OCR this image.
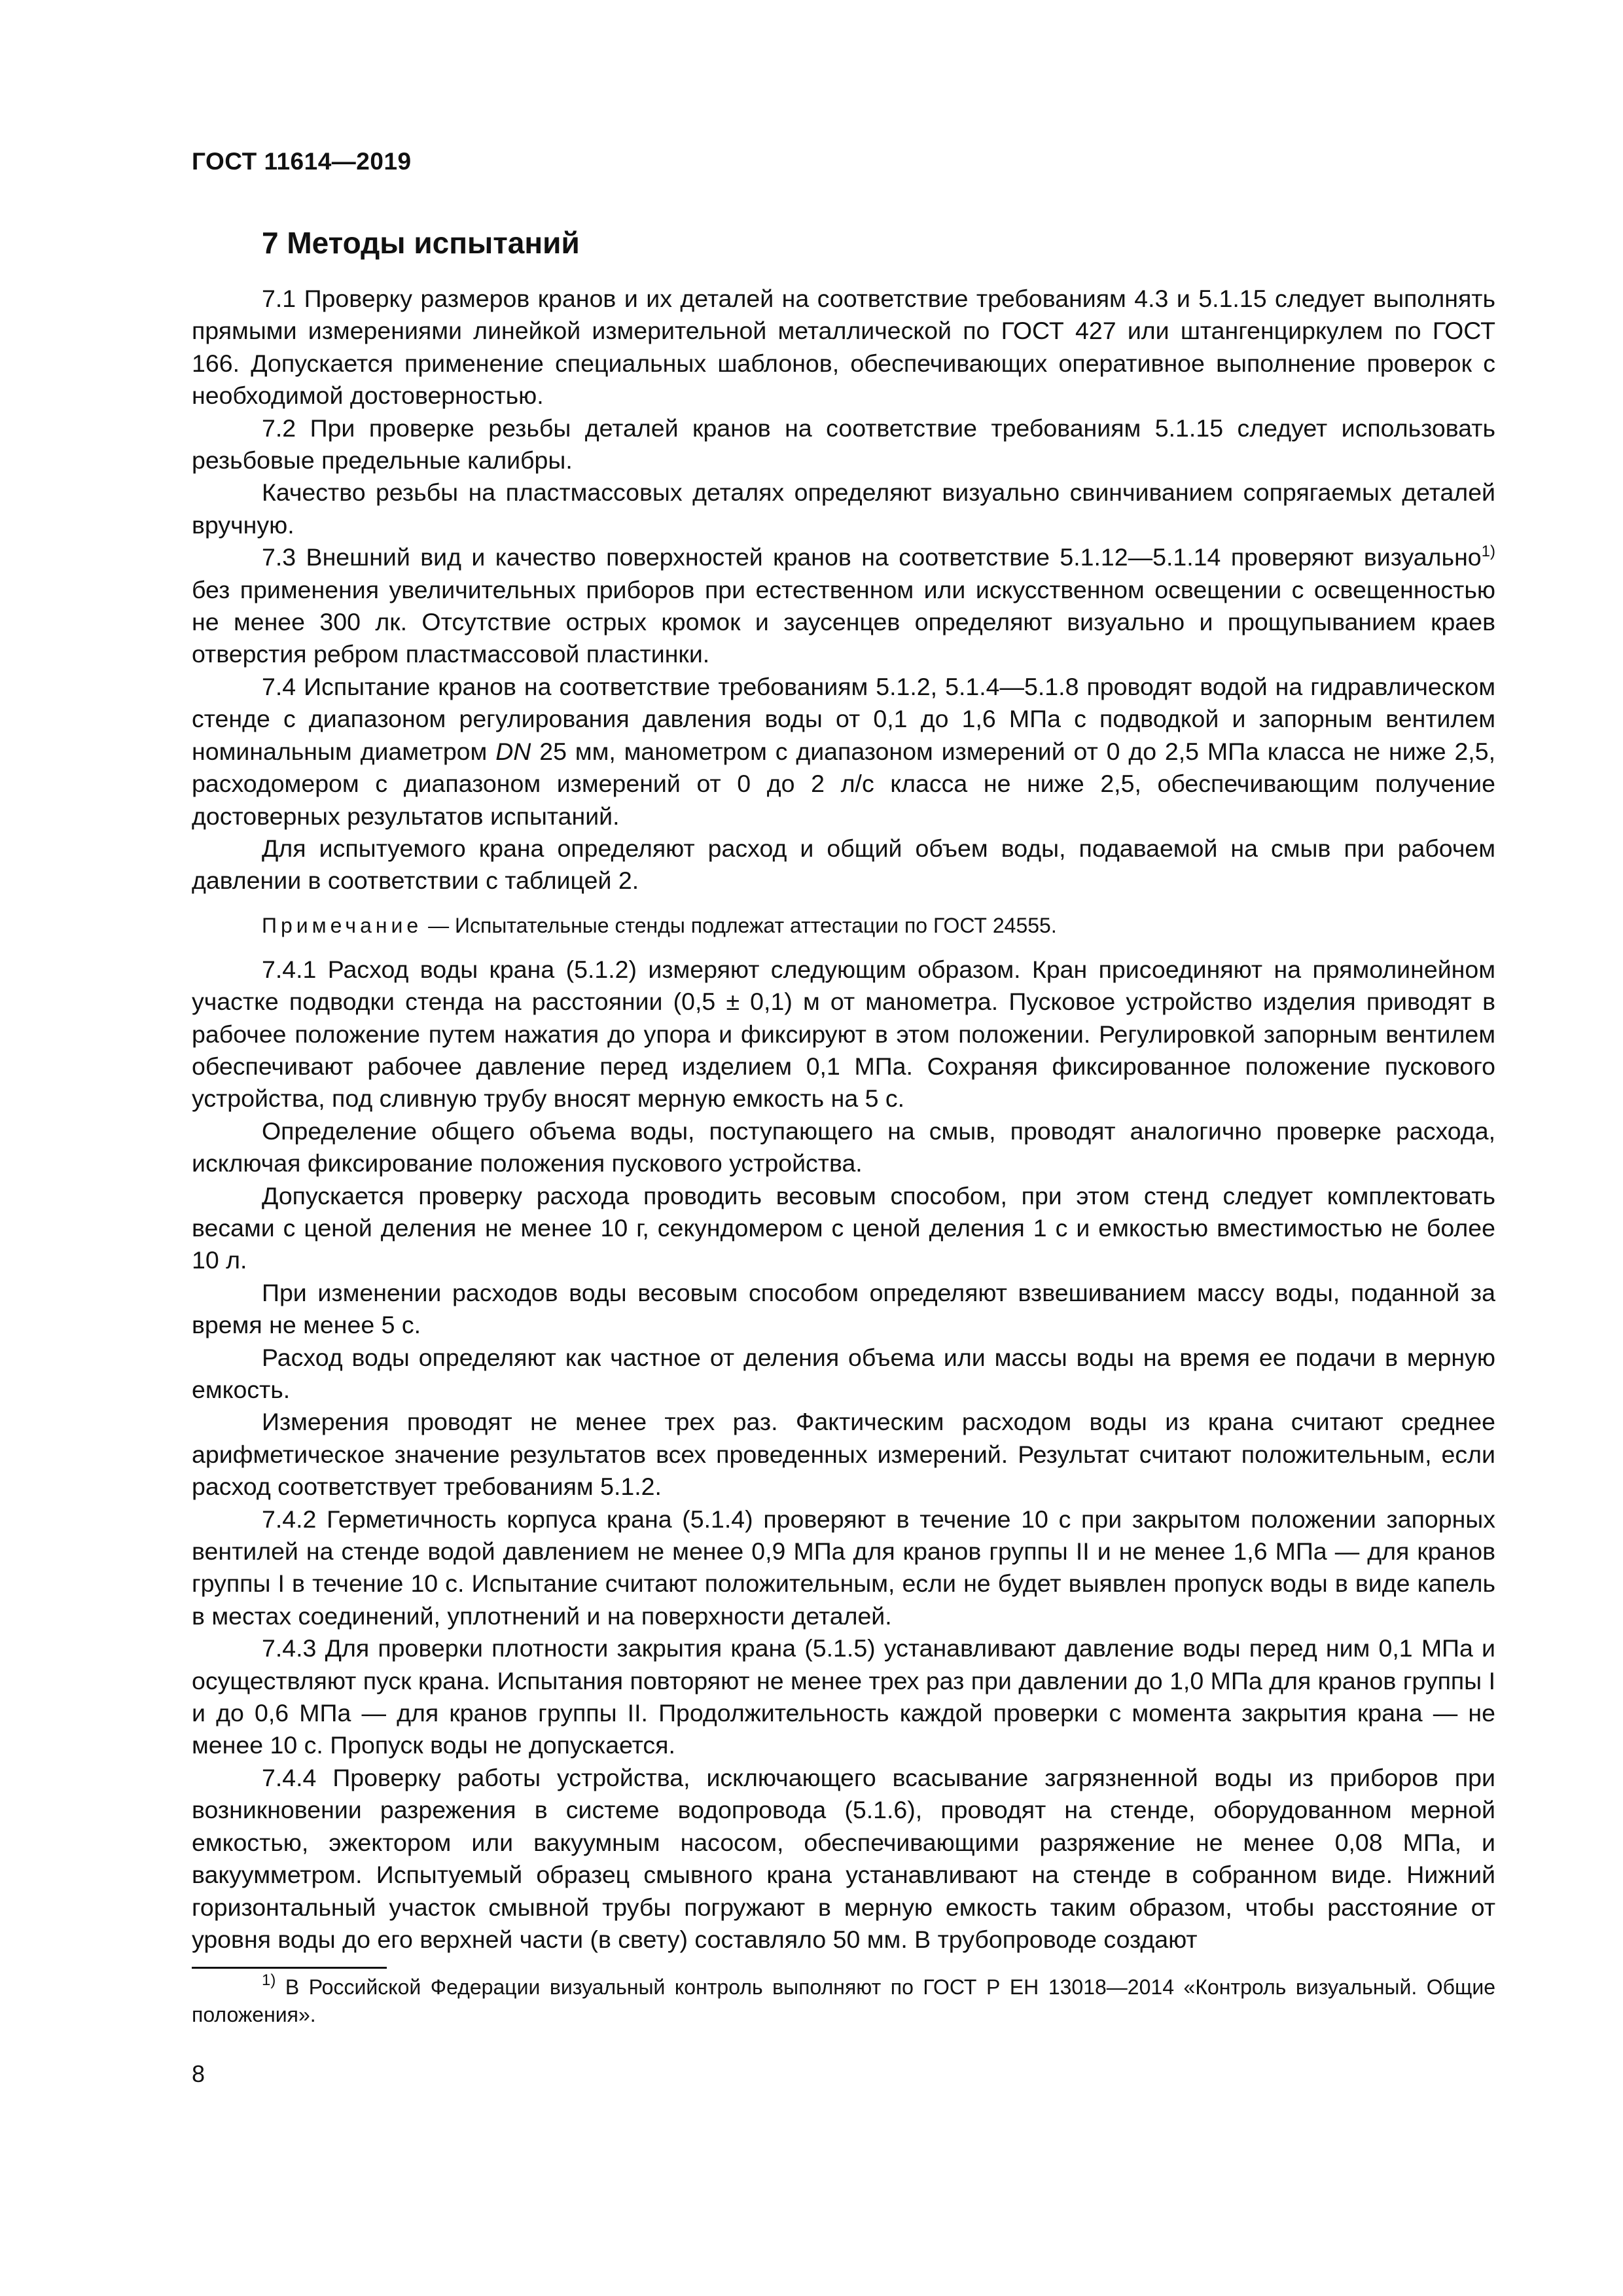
ГОСТ 11614—2019
7 Методы испытаний

7.1 Проверку размеров кранов и их деталей на соответствие требованиям 4.3 и 5.1.15 следует выполнять прямыми измерениями линейкой измерительной металлической по ГОСТ 427 или штангенциркулем по ГОСТ 166. Допускается применение специальных шаблонов, обеспечивающих оперативное выполнение проверок с необходимой достоверностью.

7.2 При проверке резьбы деталей кранов на соответствие требованиям 5.1.15 следует использовать резьбовые предельные калибры.

Качество резьбы на пластмассовых деталях определяют визуально свинчиванием сопрягаемых деталей вручную.

7.3 Внешний вид и качество поверхностей кранов на соответствие 5.1.12—5.1.14 проверяют визуально$^{1)}$ без применения увеличительных приборов при естественном или искусственном освещении с освещенностью не менее 300 лк. Отсутствие острых кромок и заусенцев определяют визуально и прощупыванием краев отверстия ребром пластмассовой пластинки.

7.4 Испытание кранов на соответствие требованиям 5.1.2, 5.1.4—5.1.8 проводят водой на гидравлическом стенде с диапазоном регулирования давления воды от 0,1 до 1,6 МПа с подводкой и запорным вентилем номинальным диаметром DN 25 мм, манометром с диапазоном измерений от 0 до 2,5 МПа класса не ниже 2,5, расходомером с диапазоном измерений от 0 до 2 л/с класса не ниже 2,5, обеспечивающим получение достоверных результатов испытаний.

Для испытуемого крана определяют расход и общий объем воды, подаваемой на смыв при рабочем давлении в соответствии с таблицей 2.

Примечание — Испытательные стенды подлежат аттестации по ГОСТ 24555.

7.4.1 Расход воды крана (5.1.2) измеряют следующим образом. Кран присоединяют на прямолинейном участке подводки стенда на расстоянии (0,5 ± 0,1) м от манометра. Пусковое устройство изделия приводят в рабочее положение путем нажатия до упора и фиксируют в этом положении. Регулировкой запорным вентилем обеспечивают рабочее давление перед изделием 0,1 МПа. Сохраняя фиксированное положение пускового устройства, под сливную трубу вносят мерную емкость на 5 с.

Определение общего объема воды, поступающего на смыв, проводят аналогично проверке расхода, исключая фиксирование положения пускового устройства.

Допускается проверку расхода проводить весовым способом, при этом стенд следует комплектовать весами с ценой деления не менее 10 г, секундомером с ценой деления 1 с и емкостью вместимостью не более 10 л.

При изменении расходов воды весовым способом определяют взвешиванием массу воды, поданной за время не менее 5 с.

Расход воды определяют как частное от деления объема или массы воды на время ее подачи в мерную емкость.

Измерения проводят не менее трех раз. Фактическим расходом воды из крана считают среднее арифметическое значение результатов всех проведенных измерений. Результат считают положительным, если расход соответствует требованиям 5.1.2.

7.4.2 Герметичность корпуса крана (5.1.4) проверяют в течение 10 с при закрытом положении запорных вентилей на стенде водой давлением не менее 0,9 МПа для кранов группы II и не менее 1,6 МПа — для кранов группы I в течение 10 с. Испытание считают положительным, если не будет выявлен пропуск воды в виде капель в местах соединений, уплотнений и на поверхности деталей.

7.4.3 Для проверки плотности закрытия крана (5.1.5) устанавливают давление воды перед ним 0,1 МПа и осуществляют пуск крана. Испытания повторяют не менее трех раз при давлении до 1,0 МПа для кранов группы I и до 0,6 МПа — для кранов группы II. Продолжительность каждой проверки с момента закрытия крана — не менее 10 с. Пропуск воды не допускается.

7.4.4 Проверку работы устройства, исключающего всасывание загрязненной воды из приборов при возникновении разрежения в системе водопровода (5.1.6), проводят на стенде, оборудованном мерной емкостью, эжектором или вакуумным насосом, обеспечивающими разряжение не менее 0,08 МПа, и вакуумметром. Испытуемый образец смывного крана устанавливают на стенде в собранном виде. Нижний горизонтальный участок смывной трубы погружают в мерную емкость таким образом, чтобы расстояние от уровня воды до его верхней части (в свету) составляло 50 мм. В трубопроводе создают

$^{1)}$ В Российской Федерации визуальный контроль выполняют по ГОСТ Р ЕН 13018—2014 «Контроль визуальный. Общие положения».

8
